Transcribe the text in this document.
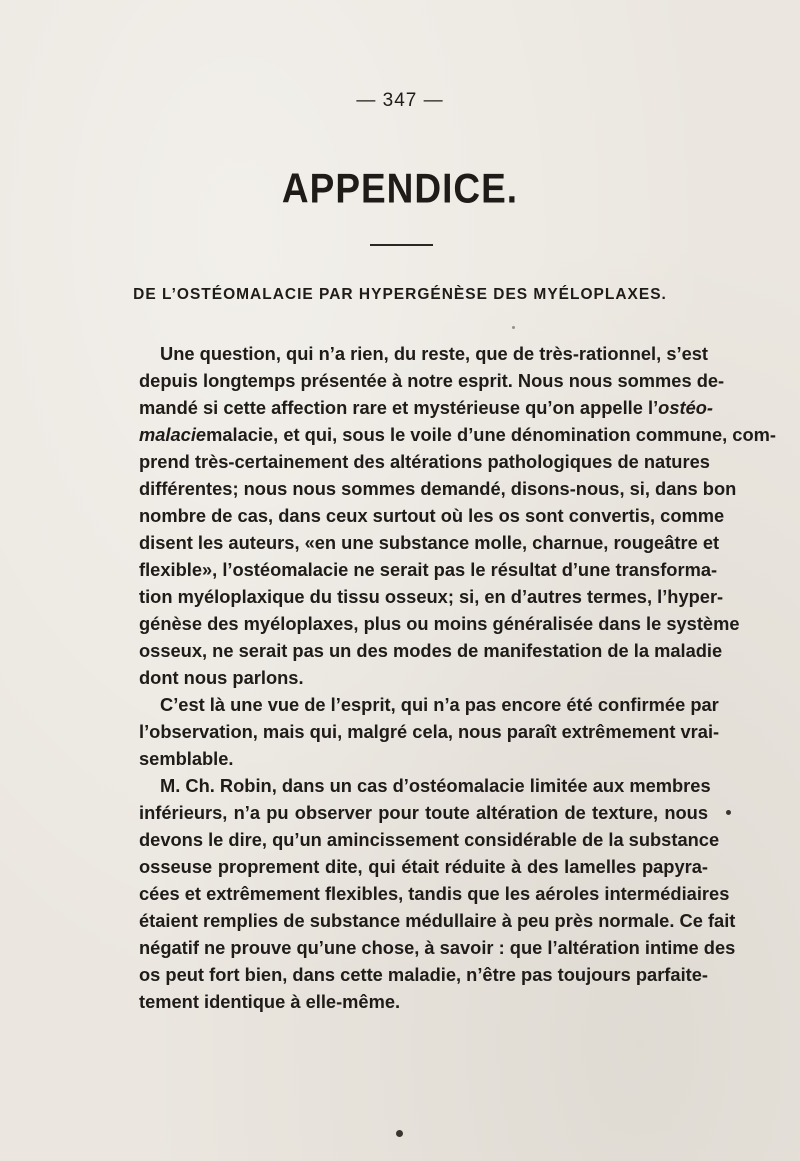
— 347 —
APPENDICE.
DE L’OSTÉOMALACIE PAR HYPERGÉNÈSE DES MYÉLOPLAXES.

Une question, qui n’a rien, du reste, que de très-rationnel, s’est
depuis longtemps présentée à notre esprit. Nous nous sommes de-
mandé si cette affection rare et mystérieuse qu’on appelle l’ostéo-
malaciemalacie, et qui, sous le voile d’une dénomination commune, com-
prend très-certainement des altérations pathologiques de natures
différentes; nous nous sommes demandé, disons-nous, si, dans bon
nombre de cas, dans ceux surtout où les os sont convertis, comme
disent les auteurs, «en une substance molle, charnue, rougeâtre et
flexible», l’ostéomalacie ne serait pas le résultat d’une transforma-
tion myéloplaxique du tissu osseux; si, en d’autres termes, l’hyper-
génèse des myéloplaxes, plus ou moins généralisée dans le système
osseux, ne serait pas un des modes de manifestation de la maladie
dont nous parlons.

C’est là une vue de l’esprit, qui n’a pas encore été confirmée par
l’observation, mais qui, malgré cela, nous paraît extrêmement vrai-
semblable.

M. Ch. Robin, dans un cas d’ostéomalacie limitée aux membres
inférieurs, n’a pu observer pour toute altération de texture, nous
devons le dire, qu’un amincissement considérable de la substance
osseuse proprement dite, qui était réduite à des lamelles papyra-
cées et extrêmement flexibles, tandis que les aéroles intermédiaires
étaient remplies de substance médullaire à peu près normale. Ce fait
négatif ne prouve qu’une chose, à savoir : que l’altération intime des
os peut fort bien, dans cette maladie, n’être pas toujours parfaite-
tement identique à elle-même.
